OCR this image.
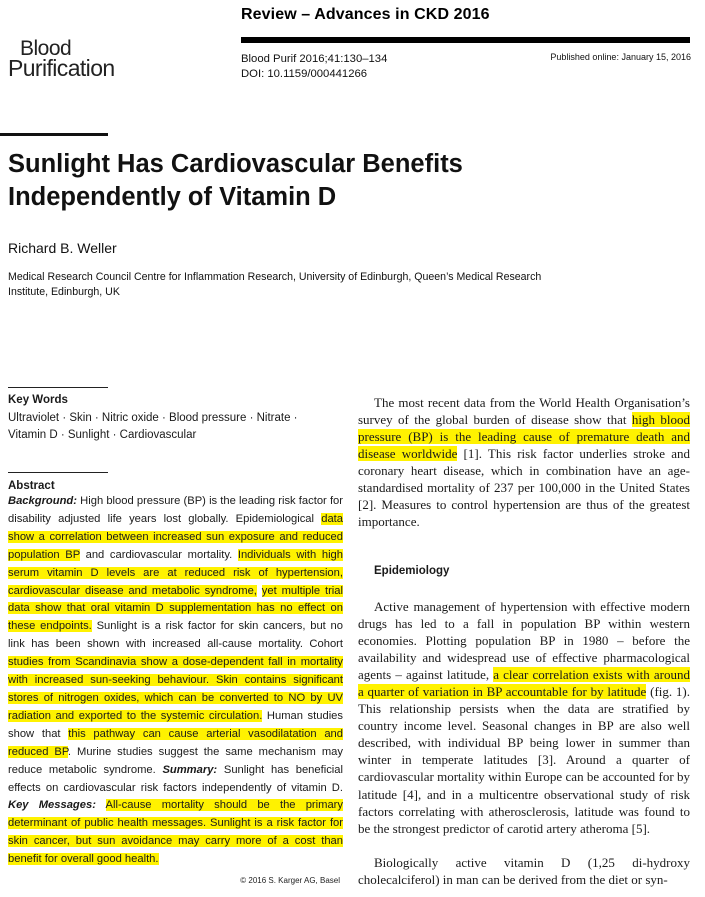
Review – Advances in CKD 2016
Blood
Purification	Blood Purif 2016;41:130–134
DOI: 10.1159/000441266
Published online: January 15, 2016
Sunlight Has Cardiovascular Benefits
Independently of Vitamin D
Richard B. Weller
Medical Research Council Centre for Inflammation Research, University of Edinburgh, Queen’s Medical Research
Institute, Edinburgh, UK
Key Words
Ultraviolet · Skin · Nitric oxide · Blood pressure · Nitrate ·
Vitamin D · Sunlight · Cardiovascular
Abstract
Background: High blood pressure (BP) is the leading risk factor for disability adjusted life years lost globally. Epidemiological data show a correlation between increased sun exposure and reduced population BP and cardiovascular mortality. Individuals with high serum vitamin D levels are at reduced risk of hypertension, cardiovascular disease and metabolic syndrome, yet multiple trial data show that oral vitamin D supplementation has no effect on these endpoints. Sunlight is a risk factor for skin cancers, but no link has been shown with increased all-cause mortality. Cohort studies from Scandinavia show a dose-dependent fall in mortality with increased sun-seeking behaviour. Skin contains significant stores of nitrogen oxides, which can be converted to NO by UV radiation and exported to the systemic circulation. Human studies show that this pathway can cause arterial vasodilatation and reduced BP. Murine studies suggest the same mechanism may reduce metabolic syndrome. Summary: Sunlight has beneficial effects on cardiovascular risk factors independently of vitamin D. Key Messages: All-cause mortality should be the primary determinant of public health messages. Sunlight is a risk factor for skin cancer, but sun avoidance may carry more of a cost than benefit for overall good health.
© 2016 S. Karger AG, Basel

The most recent data from the World Health Organisation’s survey of the global burden of disease show that high blood pressure (BP) is the leading cause of premature death and disease worldwide [1]. This risk factor underlies stroke and coronary heart disease, which in combination have an age-standardised mortality of 237 per 100,000 in the United States [2]. Measures to control hypertension are thus of the greatest importance.

Epidemiology

Active management of hypertension with effective modern drugs has led to a fall in population BP within western economies. Plotting population BP in 1980 – before the availability and widespread use of effective pharmacological agents – against latitude, a clear correlation exists with around a quarter of variation in BP accountable for by latitude (fig. 1). This relationship persists when the data are stratified by country income level. Seasonal changes in BP are also well described, with individual BP being lower in summer than winter in temperate latitudes [3]. Around a quarter of cardiovascular mortality within Europe can be accounted for by latitude [4], and in a multicentre observational study of risk factors correlating with atherosclerosis, latitude was found to be the strongest predictor of carotid artery atheroma [5].

Biologically active vitamin D (1,25 di-hydroxy cholecalciferol) in man can be derived from the diet or syn-
